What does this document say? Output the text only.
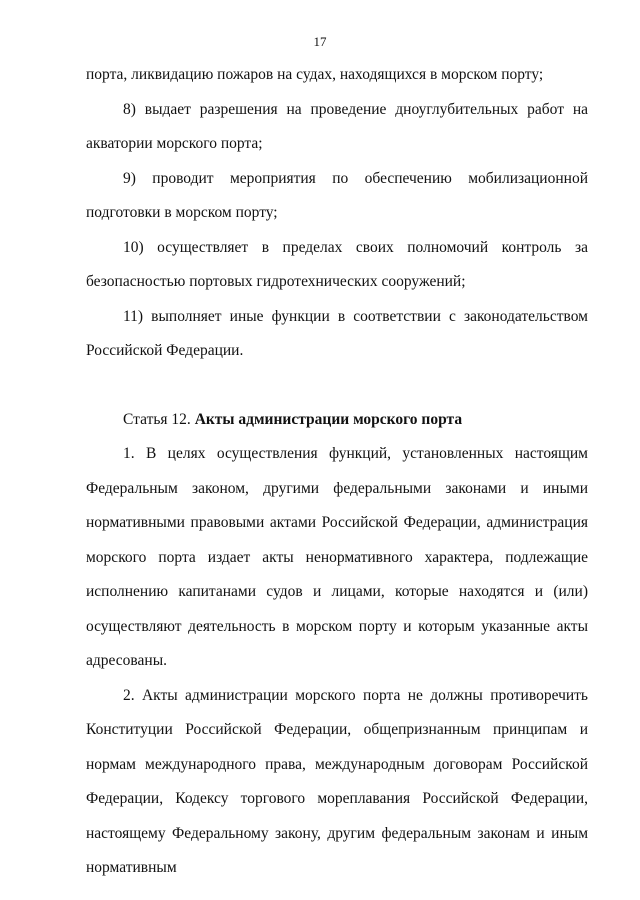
17

порта, ликвидацию пожаров на судах, находящихся в морском порту;

8) выдает разрешения на проведение дноуглубительных работ на акватории морского порта;

9) проводит мероприятия по обеспечению мобилизационной подготовки в морском порту;

10) осуществляет в пределах своих полномочий контроль за безопасностью портовых гидротехнических сооружений;

11) выполняет иные функции в соответствии с законодательством Российской Федерации.

Статья 12. Акты администрации морского порта

1. В целях осуществления функций, установленных настоящим Федеральным законом, другими федеральными законами и иными нормативными правовыми актами Российской Федерации, администрация морского порта издает акты ненормативного характера, подлежащие исполнению капитанами судов и лицами, которые находятся и (или) осуществляют деятельность в морском порту и которым указанные акты адресованы.

2. Акты администрации морского порта не должны противоречить Конституции Российской Федерации, общепризнанным принципам и нормам международного права, международным договорам Российской Федерации, Кодексу торгового мореплавания Российской Федерации, настоящему Федеральному закону, другим федеральным законам и иным нормативным
